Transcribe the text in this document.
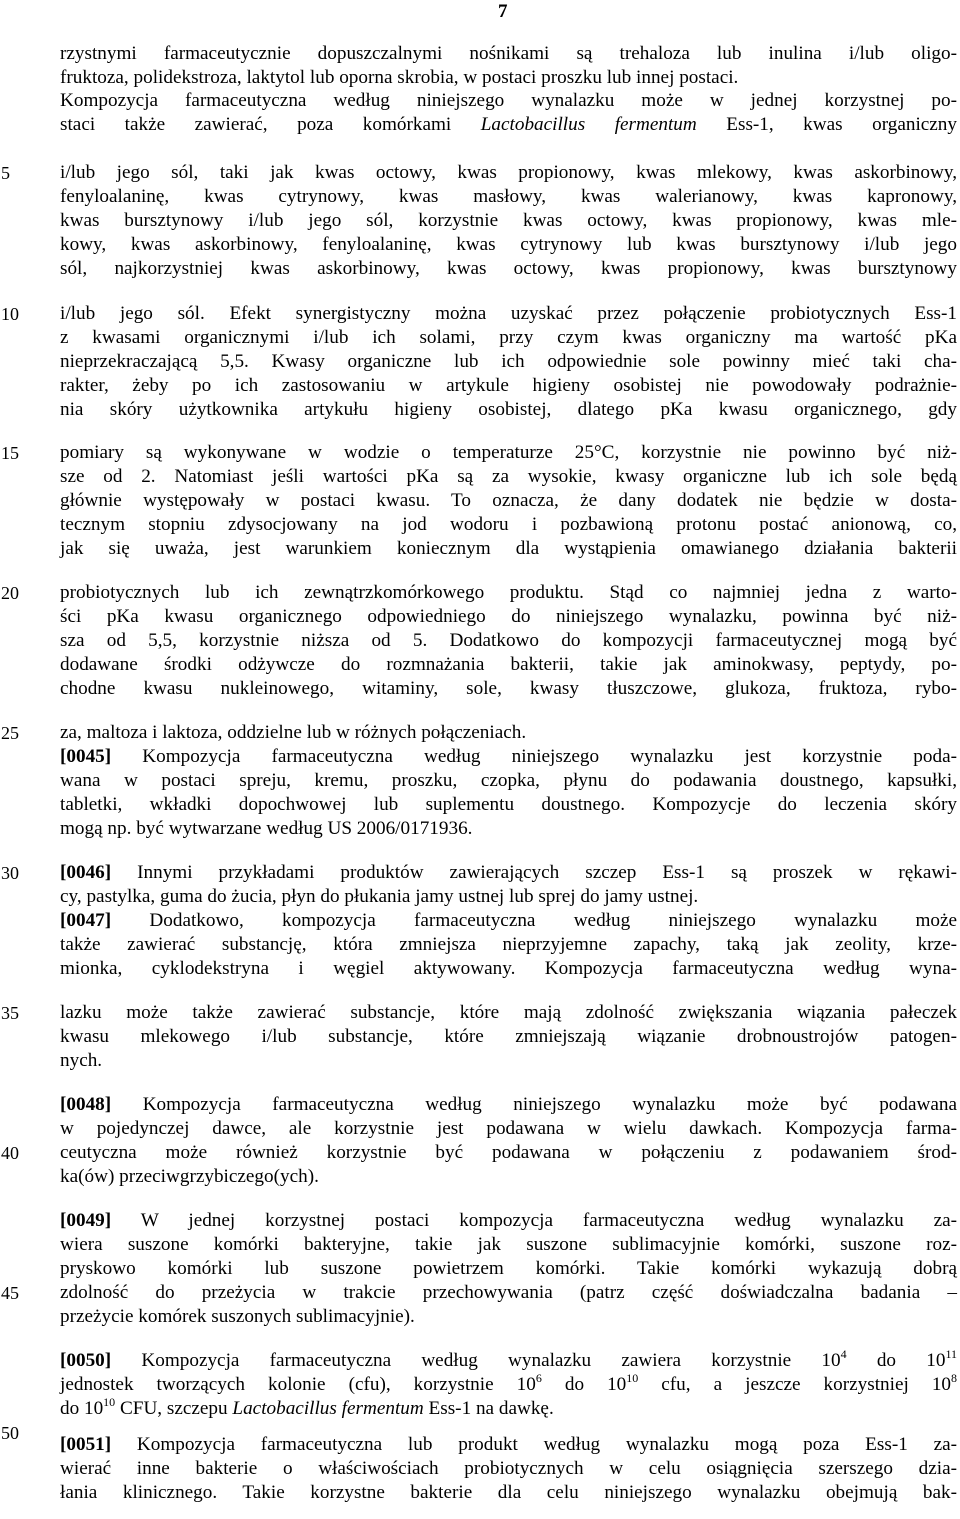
7
5
10
15
20
25
30
35
40
45
50
rzystnymi farmaceutycznie dopuszczalnymi nośnikami są trehaloza lub inulina i/lub oligo-
fruktoza, polidekstroza, laktytol lub oporna skrobia, w postaci proszku lub innej postaci.
Kompozycja farmaceutyczna według niniejszego wynalazku może w jednej korzystnej po-
staci także zawierać, poza komórkami Lactobacillus fermentum Ess-1, kwas organiczny
i/lub jego sól, taki jak kwas octowy, kwas propionowy, kwas mlekowy, kwas askorbinowy,
fenyloalaninę, kwas cytrynowy, kwas masłowy, kwas walerianowy, kwas kapronowy,
kwas bursztynowy i/lub jego sól, korzystnie kwas octowy, kwas propionowy, kwas mle-
kowy, kwas askorbinowy, fenyloalaninę, kwas cytrynowy lub kwas bursztynowy i/lub jego
sól, najkorzystniej kwas askorbinowy, kwas octowy, kwas propionowy, kwas bursztynowy
i/lub jego sól. Efekt synergistyczny można uzyskać przez połączenie probiotycznych Ess-1
z kwasami organicznymi i/lub ich solami, przy czym kwas organiczny ma wartość pKa
nieprzekraczającą 5,5. Kwasy organiczne lub ich odpowiednie sole powinny mieć taki cha-
rakter, żeby po ich zastosowaniu w artykule higieny osobistej nie powodowały podrażnie-
nia skóry użytkownika artykułu higieny osobistej, dlatego pKa kwasu organicznego, gdy
pomiary są wykonywane w wodzie o temperaturze 25°C, korzystnie nie powinno być niż-
sze od 2. Natomiast jeśli wartości pKa są za wysokie, kwasy organiczne lub ich sole będą
głównie występowały w postaci kwasu. To oznacza, że dany dodatek nie będzie w dosta-
tecznym stopniu zdysocjowany na jod wodoru i pozbawioną protonu postać anionową, co,
jak się uważa, jest warunkiem koniecznym dla wystąpienia omawianego działania bakterii
probiotycznych lub ich zewnątrzkomórkowego produktu. Stąd co najmniej jedna z warto-
ści pKa kwasu organicznego odpowiedniego do niniejszego wynalazku, powinna być niż-
sza od 5,5, korzystnie niższa od 5. Dodatkowo do kompozycji farmaceutycznej mogą być
dodawane środki odżywcze do rozmnażania bakterii, takie jak aminokwasy, peptydy, po-
chodne kwasu nukleinowego, witaminy, sole, kwasy tłuszczowe, glukoza, fruktoza, rybo-
za, maltoza i laktoza, oddzielne lub w różnych połączeniach.
[0045] Kompozycja farmaceutyczna według niniejszego wynalazku jest korzystnie poda-
wana w postaci spreju, kremu, proszku, czopka, płynu do podawania doustnego, kapsułki,
tabletki, wkładki dopochwowej lub suplementu doustnego. Kompozycje do leczenia skóry
mogą np. być wytwarzane według US 2006/0171936.
[0046] Innymi przykładami produktów zawierających szczep Ess-1 są proszek w rękawi-
cy, pastylka, guma do żucia, płyn do płukania jamy ustnej lub sprej do jamy ustnej.
[0047] Dodatkowo, kompozycja farmaceutyczna według niniejszego wynalazku może
także zawierać substancję, która zmniejsza nieprzyjemne zapachy, taką jak zeolity, krze-
mionka, cyklodekstryna i węgiel aktywowany. Kompozycja farmaceutyczna według wyna-
lazku może także zawierać substancje, które mają zdolność zwiększania wiązania pałeczek
kwasu mlekowego i/lub substancje, które zmniejszają wiązanie drobnoustrojów patogen-
nych.
[0048] Kompozycja farmaceutyczna według niniejszego wynalazku może być podawana
w pojedynczej dawce, ale korzystnie jest podawana w wielu dawkach. Kompozycja farma-
ceutyczna może również korzystnie być podawana w połączeniu z podawaniem środ-
ka(ów) przeciwgrzybiczego(ych).
[0049] W jednej korzystnej postaci kompozycja farmaceutyczna według wynalazku za-
wiera suszone komórki bakteryjne, takie jak suszone sublimacyjnie komórki, suszone roz-
pryskowo komórki lub suszone powietrzem komórki. Takie komórki wykazują dobrą
zdolność do przeżycia w trakcie przechowywania (patrz część doświadczalna badania –
przeżycie komórek suszonych sublimacyjnie).
[0050] Kompozycja farmaceutyczna według wynalazku zawiera korzystnie $10^4$ do $10^{11}$
jednostek tworzących kolonie (cfu), korzystnie $10^6$ do $10^{10}$ cfu, a jeszcze korzystniej $10^8$
do $10^{10}$ CFU, szczepu Lactobacillus fermentum Ess-1 na dawkę.
[0051] Kompozycja farmaceutyczna lub produkt według wynalazku mogą poza Ess-1 za-
wierać inne bakterie o właściwościach probiotycznych w celu osiągnięcia szerszego dzia-
łania klinicznego. Takie korzystne bakterie dla celu niniejszego wynalazku obejmują bak-
